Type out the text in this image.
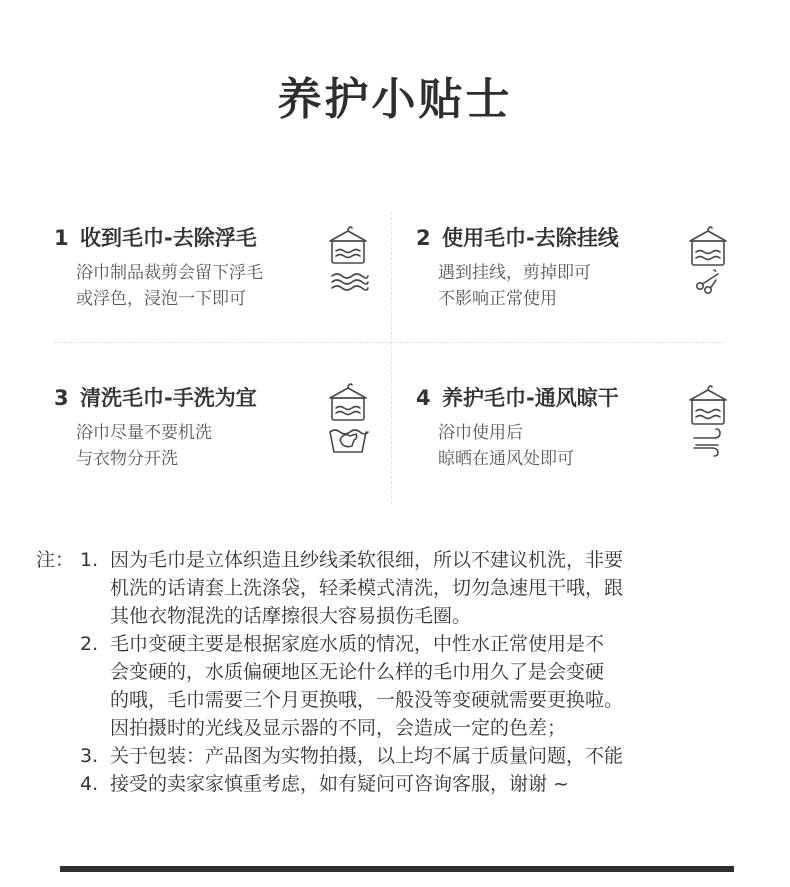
养护小贴士
1 收到毛巾-去除浮毛
浴巾制品裁剪会留下浮毛
或浮色，浸泡一下即可
2 使用毛巾-去除挂线
遇到挂线，剪掉即可
不影响正常使用
3 清洗毛巾-手洗为宜
浴巾尽量不要机洗
与衣物分开洗
4 养护毛巾-通风晾干
浴巾使用后
晾晒在通风处即可
注： 1. 因为毛巾是立体织造且纱线柔软很细，所以不建议机洗，非要
机洗的话请套上洗涤袋，轻柔模式清洗，切勿急速甩干哦，跟
其他衣物混洗的话摩擦很大容易损伤毛圈。
2. 毛巾变硬主要是根据家庭水质的情况，中性水正常使用是不
会变硬的，水质偏硬地区无论什么样的毛巾用久了是会变硬
的哦，毛巾需要三个月更换哦，一般没等变硬就需要更换啦。
因拍摄时的光线及显示器的不同，会造成一定的色差；
3. 关于包装：产品图为实物拍摄，以上均不属于质量问题，不能
4. 接受的卖家家慎重考虑，如有疑问可咨询客服，谢谢 ~
